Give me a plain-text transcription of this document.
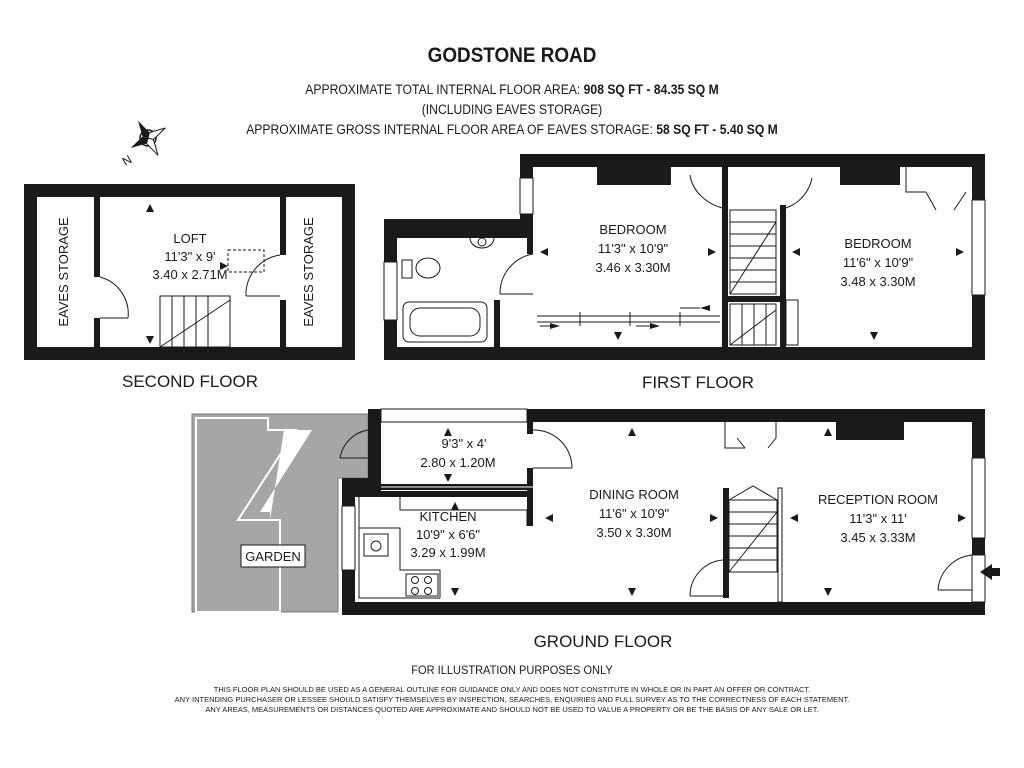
GODSTONE ROAD
APPROXIMATE TOTAL INTERNAL FLOOR AREA: 908 SQ FT - 84.35 SQ M
(INCLUDING EAVES STORAGE)
APPROXIMATE GROSS INTERNAL FLOOR AREA OF EAVES STORAGE: 58 SQ FT - 5.40 SQ M
N
EAVES STORAGE	EAVES STORAGE
LOFT
11'3" x 9'
3.40 x 2.71M
SECOND FLOOR
BEDROOM
11'3" x 10'9"
3.46 x 3.30M
BEDROOM
11'6" x 10'9"
3.48 x 3.30M
FIRST FLOOR
GARDEN
9'3" x 4'
2.80 x 1.20M
KITCHEN
10'9" x 6'6"
3.29 x 1.99M
DINING ROOM
11'6" x 10'9"
3.50 x 3.30M
RECEPTION ROOM
11'3" x 11'
3.45 x 3.33M
GROUND FLOOR
FOR ILLUSTRATION PURPOSES ONLY
THIS FLOOR PLAN SHOULD BE USED AS A GENERAL OUTLINE FOR GUIDANCE ONLY AND DOES NOT CONSTITUTE IN WHOLE OR IN PART AN OFFER OR CONTRACT.
ANY INTENDING PURCHASER OR LESSEE SHOULD SATISFY THEMSELVES BY INSPECTION, SEARCHES, ENQUIRIES AND FULL SURVEY AS TO THE CORRECTNESS OF EACH STATEMENT.
ANY AREAS, MEASUREMENTS OR DISTANCES QUOTED ARE APPROXIMATE AND SHOULD NOT BE USED TO VALUE A PROPERTY OR BE THE BASIS OF ANY SALE OR LET.
